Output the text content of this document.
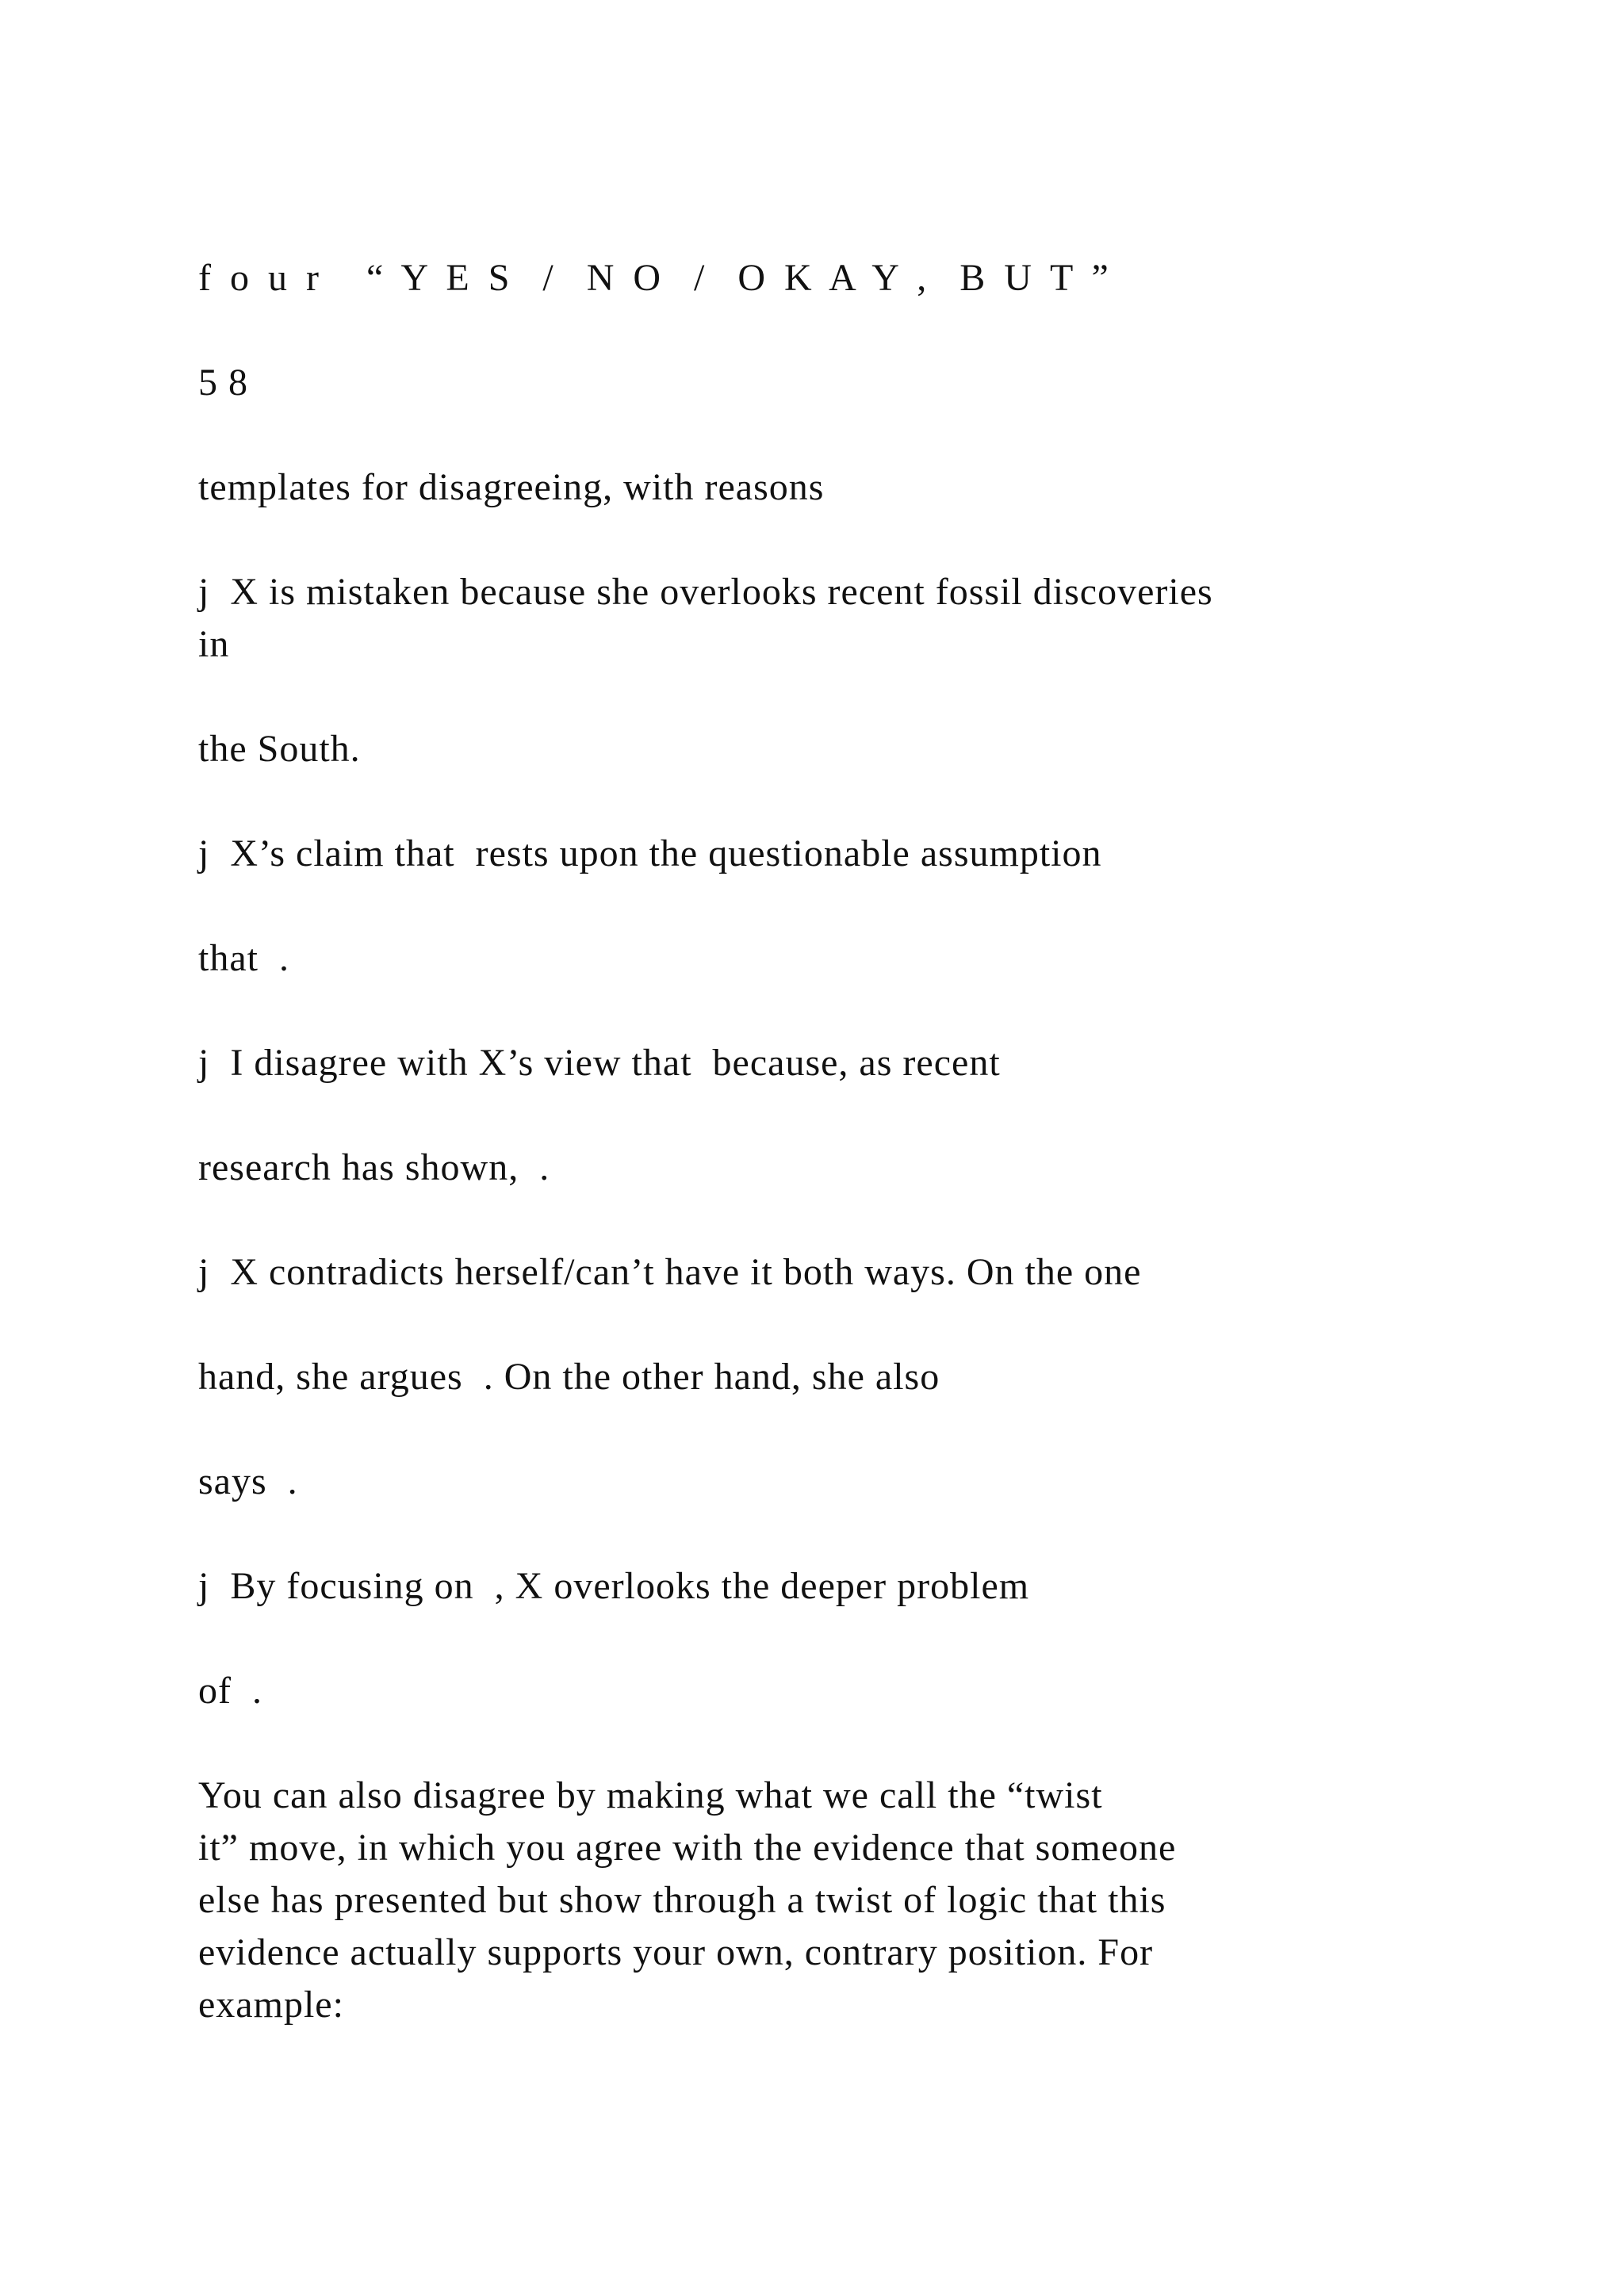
f o u r   “ Y E S  /  N O  /  O K A Y ,  B U T ”

5 8

templates for disagreeing, with reasons

j  X is mistaken because she overlooks recent fossil discoveries

in

the South.

j  X’s claim that  rests upon the questionable assumption

that  .

j  I disagree with X’s view that  because, as recent

research has shown,  .

j  X contradicts herself/can’t have it both ways. On the one

hand, she argues  . On the other hand, she also

says  .

j  By focusing on  , X overlooks the deeper problem

of  .

You can also disagree by making what we call the “twist
it” move, in which you agree with the evidence that someone
else has presented but show through a twist of logic that this
evidence actually supports your own, contrary position. For
example:
